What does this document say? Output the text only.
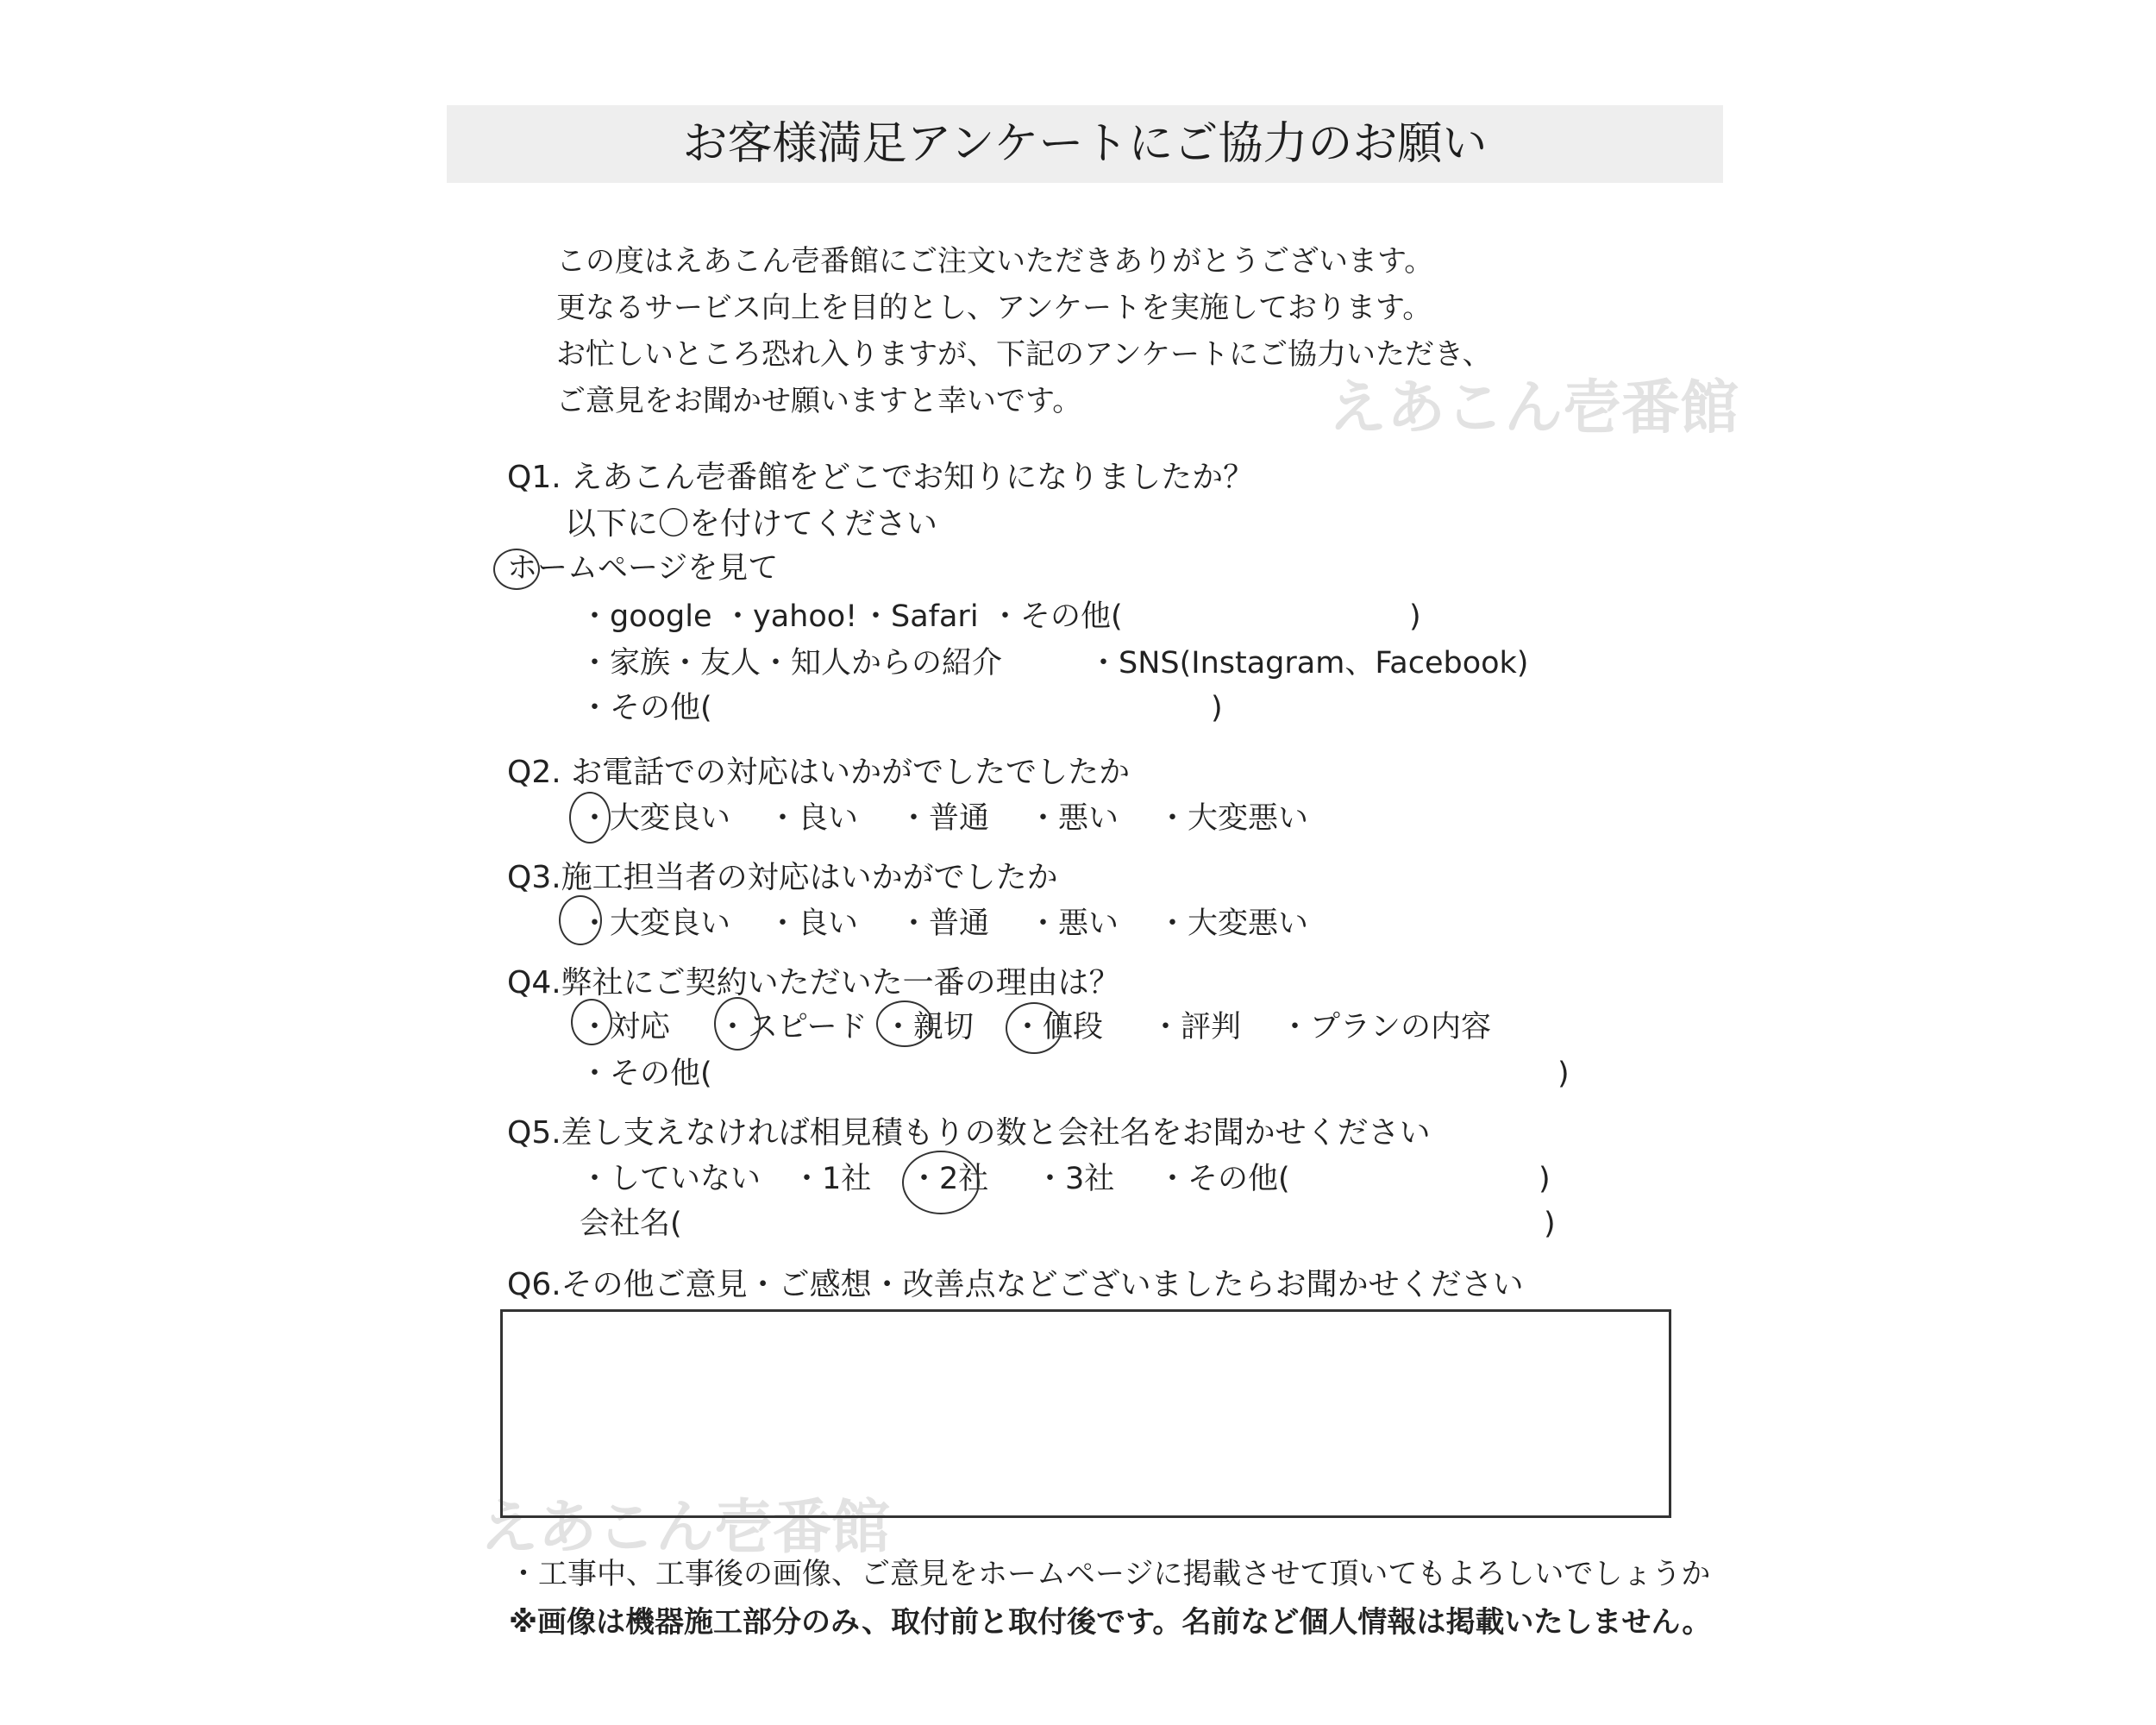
お客様満足アンケートにご協力のお願い
この度はえあこん壱番館にご注文いただきありがとうございます。
更なるサービス向上を目的とし、アンケートを実施しております。
お忙しいところ恐れ入りますが、下記のアンケートにご協力いただき、
ご意見をお聞かせ願いますと幸いです。	えあこん壱番館
えあこん壱番館
Q1. えあこん壱番館をどこでお知りになりましたか？
以下に〇を付けてください
ホームページを見て
・google ・yahoo! ・Safari ・その他(	)
・家族・友人・知人からの紹介	・SNS(Instagram、Facebook)
・その他(	)
Q2. お電話での対応はいかがでしたでしたか
・大変良い ・良い ・普通 ・悪い ・大変悪い
Q3.施工担当者の対応はいかがでしたか
・大変良い ・良い ・普通 ・悪い ・大変悪い
Q4.弊社にご契約いただいた一番の理由は？
・対応 ・スピード ・親切 ・値段 ・評判 ・プランの内容
・その他(	)
Q5.差し支えなければ相見積もりの数と会社名をお聞かせください
・していない ・1社 ・2社 ・3社 ・その他(	)
会社名(	)
Q6.その他ご意見・ご感想・改善点などございましたらお聞かせください
・工事中、工事後の画像、ご意見をホームページに掲載させて頂いてもよろしいでしょうか
※画像は機器施工部分のみ、取付前と取付後です。名前など個人情報は掲載いたしません。
